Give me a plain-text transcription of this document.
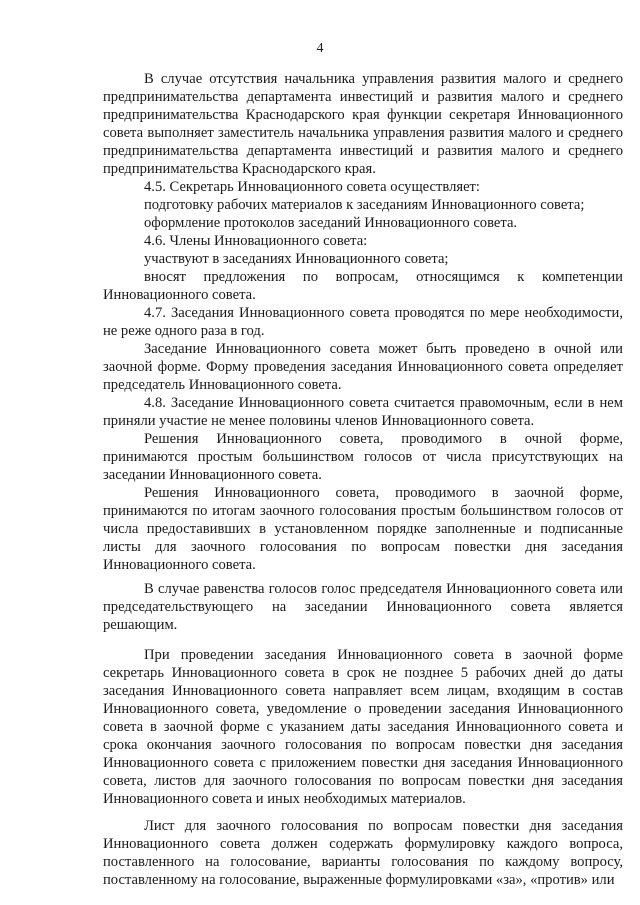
4

В случае отсутствия начальника управления развития малого и среднего предпринимательства департамента инвестиций и развития малого и среднего предпринимательства Краснодарского края функции секретаря Инновационного совета выполняет заместитель начальника управления развития малого и среднего предпринимательства департамента инвестиций и развития малого и среднего предпринимательства Краснодарского края.

4.5. Секретарь Инновационного совета осуществляет:

подготовку рабочих материалов к заседаниям Инновационного совета;

оформление протоколов заседаний Инновационного совета.

4.6. Члены Инновационного совета:

участвуют в заседаниях Инновационного совета;

вносят предложения по вопросам, относящимся к компетенции Инновационного совета.

4.7. Заседания Инновационного совета проводятся по мере необходимости, не реже одного раза в год.

Заседание Инновационного совета может быть проведено в очной или заочной форме. Форму проведения заседания Инновационного совета определяет председатель Инновационного совета.

4.8. Заседание Инновационного совета считается правомочным, если в нем приняли участие не менее половины членов Инновационного совета.

Решения Инновационного совета, проводимого в очной форме, принимаются простым большинством голосов от числа присутствующих на заседании Инновационного совета.

Решения Инновационного совета, проводимого в заочной форме, принимаются по итогам заочного голосования простым большинством голосов от числа предоставивших в установленном порядке заполненные и подписанные листы для заочного голосования по вопросам повестки дня заседания Инновационного совета.

В случае равенства голосов голос председателя Инновационного совета или председательствующего на заседании Инновационного совета является решающим.

При проведении заседания Инновационного совета в заочной форме секретарь Инновационного совета в срок не позднее 5 рабочих дней до даты заседания Инновационного совета направляет всем лицам, входящим в состав Инновационного совета, уведомление о проведении заседания Инновационного совета в заочной форме с указанием даты заседания Инновационного совета и срока окончания заочного голосования по вопросам повестки дня заседания Инновационного совета с приложением повестки дня заседания Инновационного совета, листов для заочного голосования по вопросам повестки дня заседания Инновационного совета и иных необходимых материалов.

Лист для заочного голосования по вопросам повестки дня заседания Инновационного совета должен содержать формулировку каждого вопроса, поставленного на голосование, варианты голосования по каждому вопросу, поставленному на голосование, выраженные формулировками «за», «против» или
